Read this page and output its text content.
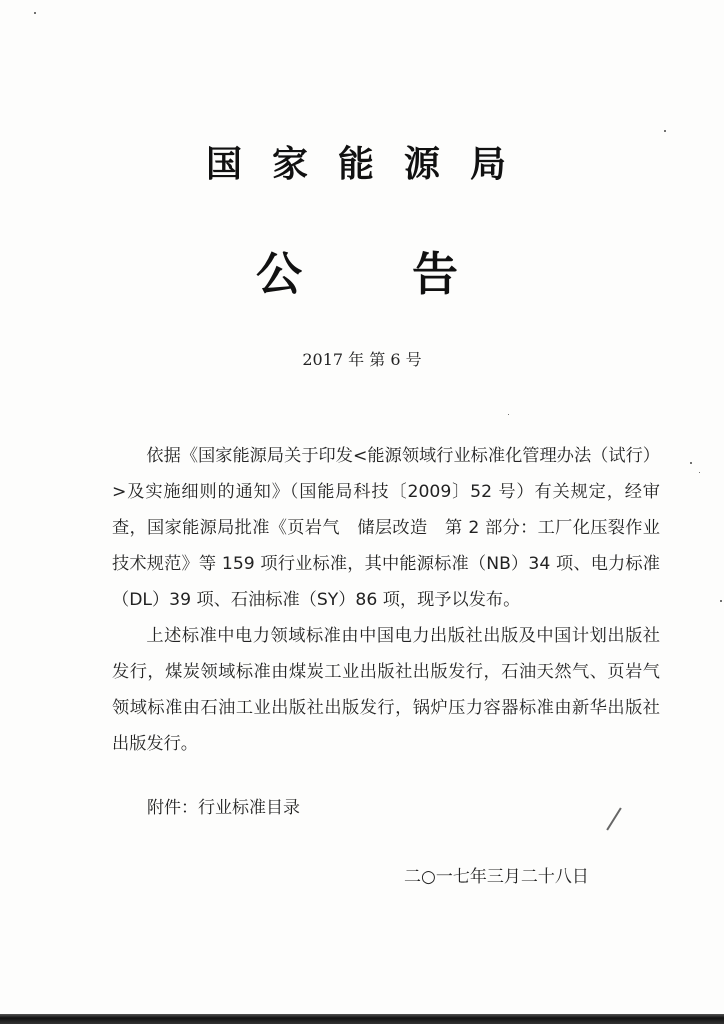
国家能源局
公告
2017 年 第 6 号

依据《国家能源局关于印发<能源领域行业标准化管理办法（试行）>及实施细则的通知》（国能局科技〔2009〕52 号）有关规定，经审查，国家能源局批准《页岩气　储层改造　第 2 部分：工厂化压裂作业技术规范》等 159 项行业标准，其中能源标准（NB）34 项、电力标准（DL）39 项、石油标准（SY）86 项，现予以发布。

上述标准中电力领域标准由中国电力出版社出版及中国计划出版社发行，煤炭领域标准由煤炭工业出版社出版发行，石油天然气、页岩气领域标准由石油工业出版社出版发行，锅炉压力容器标准由新华出版社出版发行。

附件：行业标准目录
二○一七年三月二十八日
